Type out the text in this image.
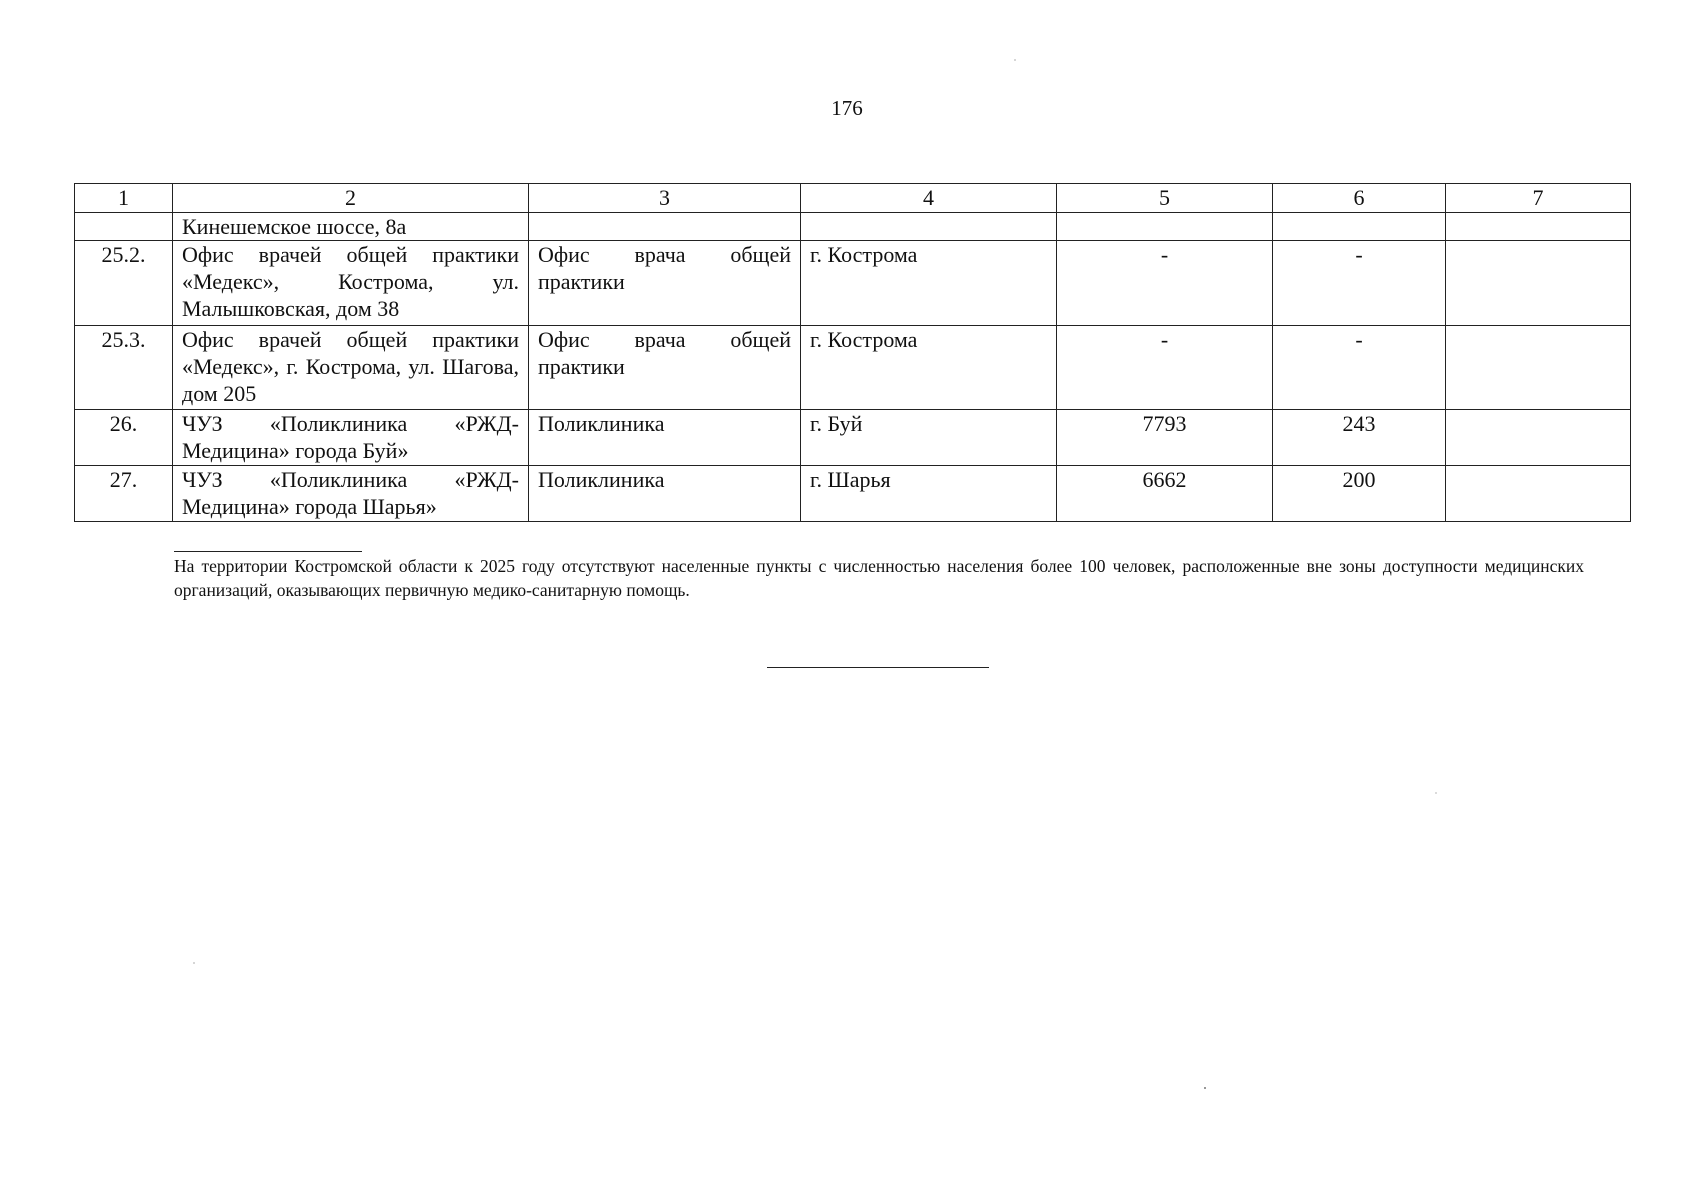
176
1	2	3	4	5	6	7
	Кинешемское шоссе, 8а					
25.2.	Офис врачей общей практики «Медекс», Кострома, ул. Малышковская, дом 38	Офис врача общей практики	г. Кострома	-	-	
25.3.	Офис врачей общей практики «Медекс», г. Кострома, ул. Шагова, дом 205	Офис врача общей практики	г. Кострома	-	-	
26.	ЧУЗ «Поликлиника «РЖД-Медицина» города Буй»	Поликлиника	г. Буй	7793	243	
27.	ЧУЗ «Поликлиника «РЖД-Медицина» города Шарья»	Поликлиника	г. Шарья	6662	200	
На территории Костромской области к 2025 году отсутствуют населенные пункты с численностью населения более 100 человек, расположенные вне зоны доступности медицинских организаций, оказывающих первичную медико-санитарную помощь.
